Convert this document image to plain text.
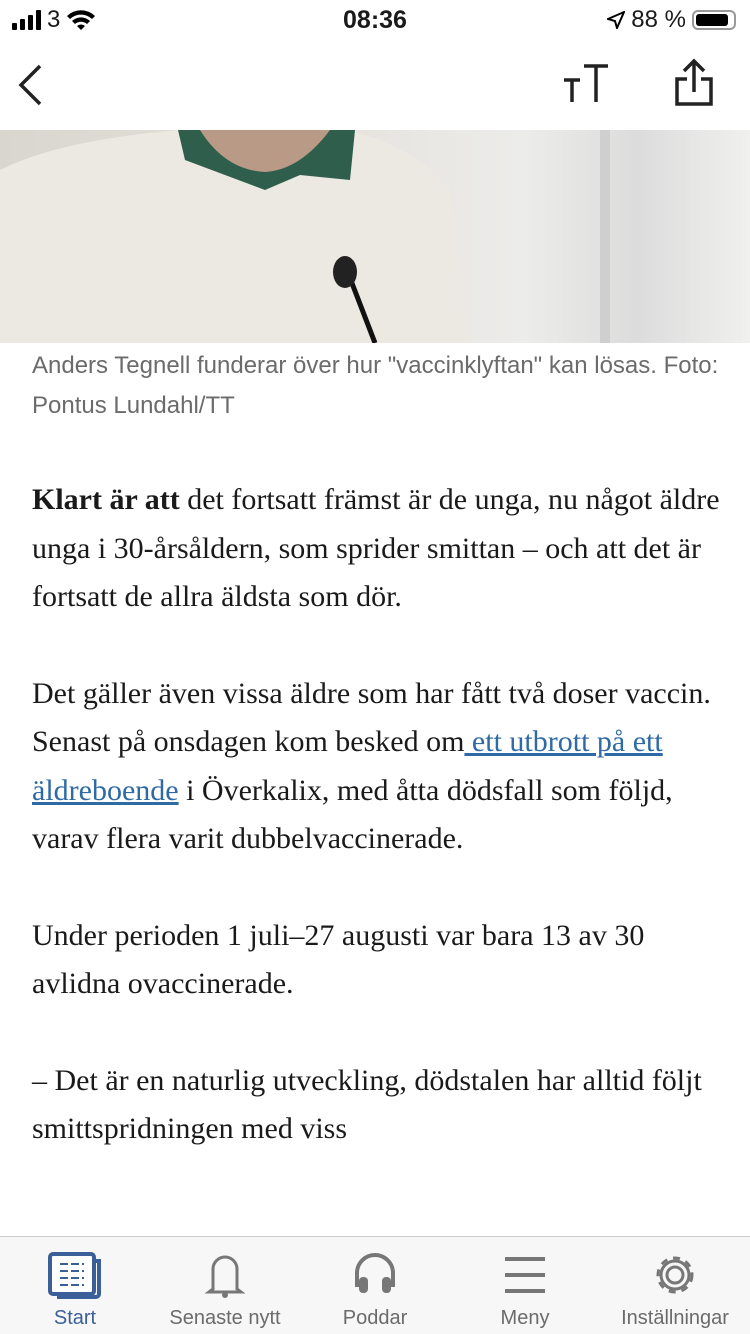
3	08:36	88 %
Anders Tegnell funderar över hur "vaccinklyftan" kan lösas. Foto: Pontus Lundahl/TT

Klart är att det fortsatt främst är de unga, nu något äldre unga i 30-årsåldern, som sprider smittan – och att det är fortsatt de allra äldsta som dör.

Det gäller även vissa äldre som har fått två doser vaccin. Senast på onsdagen kom besked om ett utbrott på ett äldreboende i Överkalix, med åtta dödsfall som följd, varav flera varit dubbelvaccinerade.

Under perioden 1 juli–27 augusti var bara 13 av 30 avlidna ovaccinerade.

– Det är en naturlig utveckling, dödstalen har alltid följt smittspridningen med viss

Start	Senaste nytt	Poddar	Meny	Inställningar
